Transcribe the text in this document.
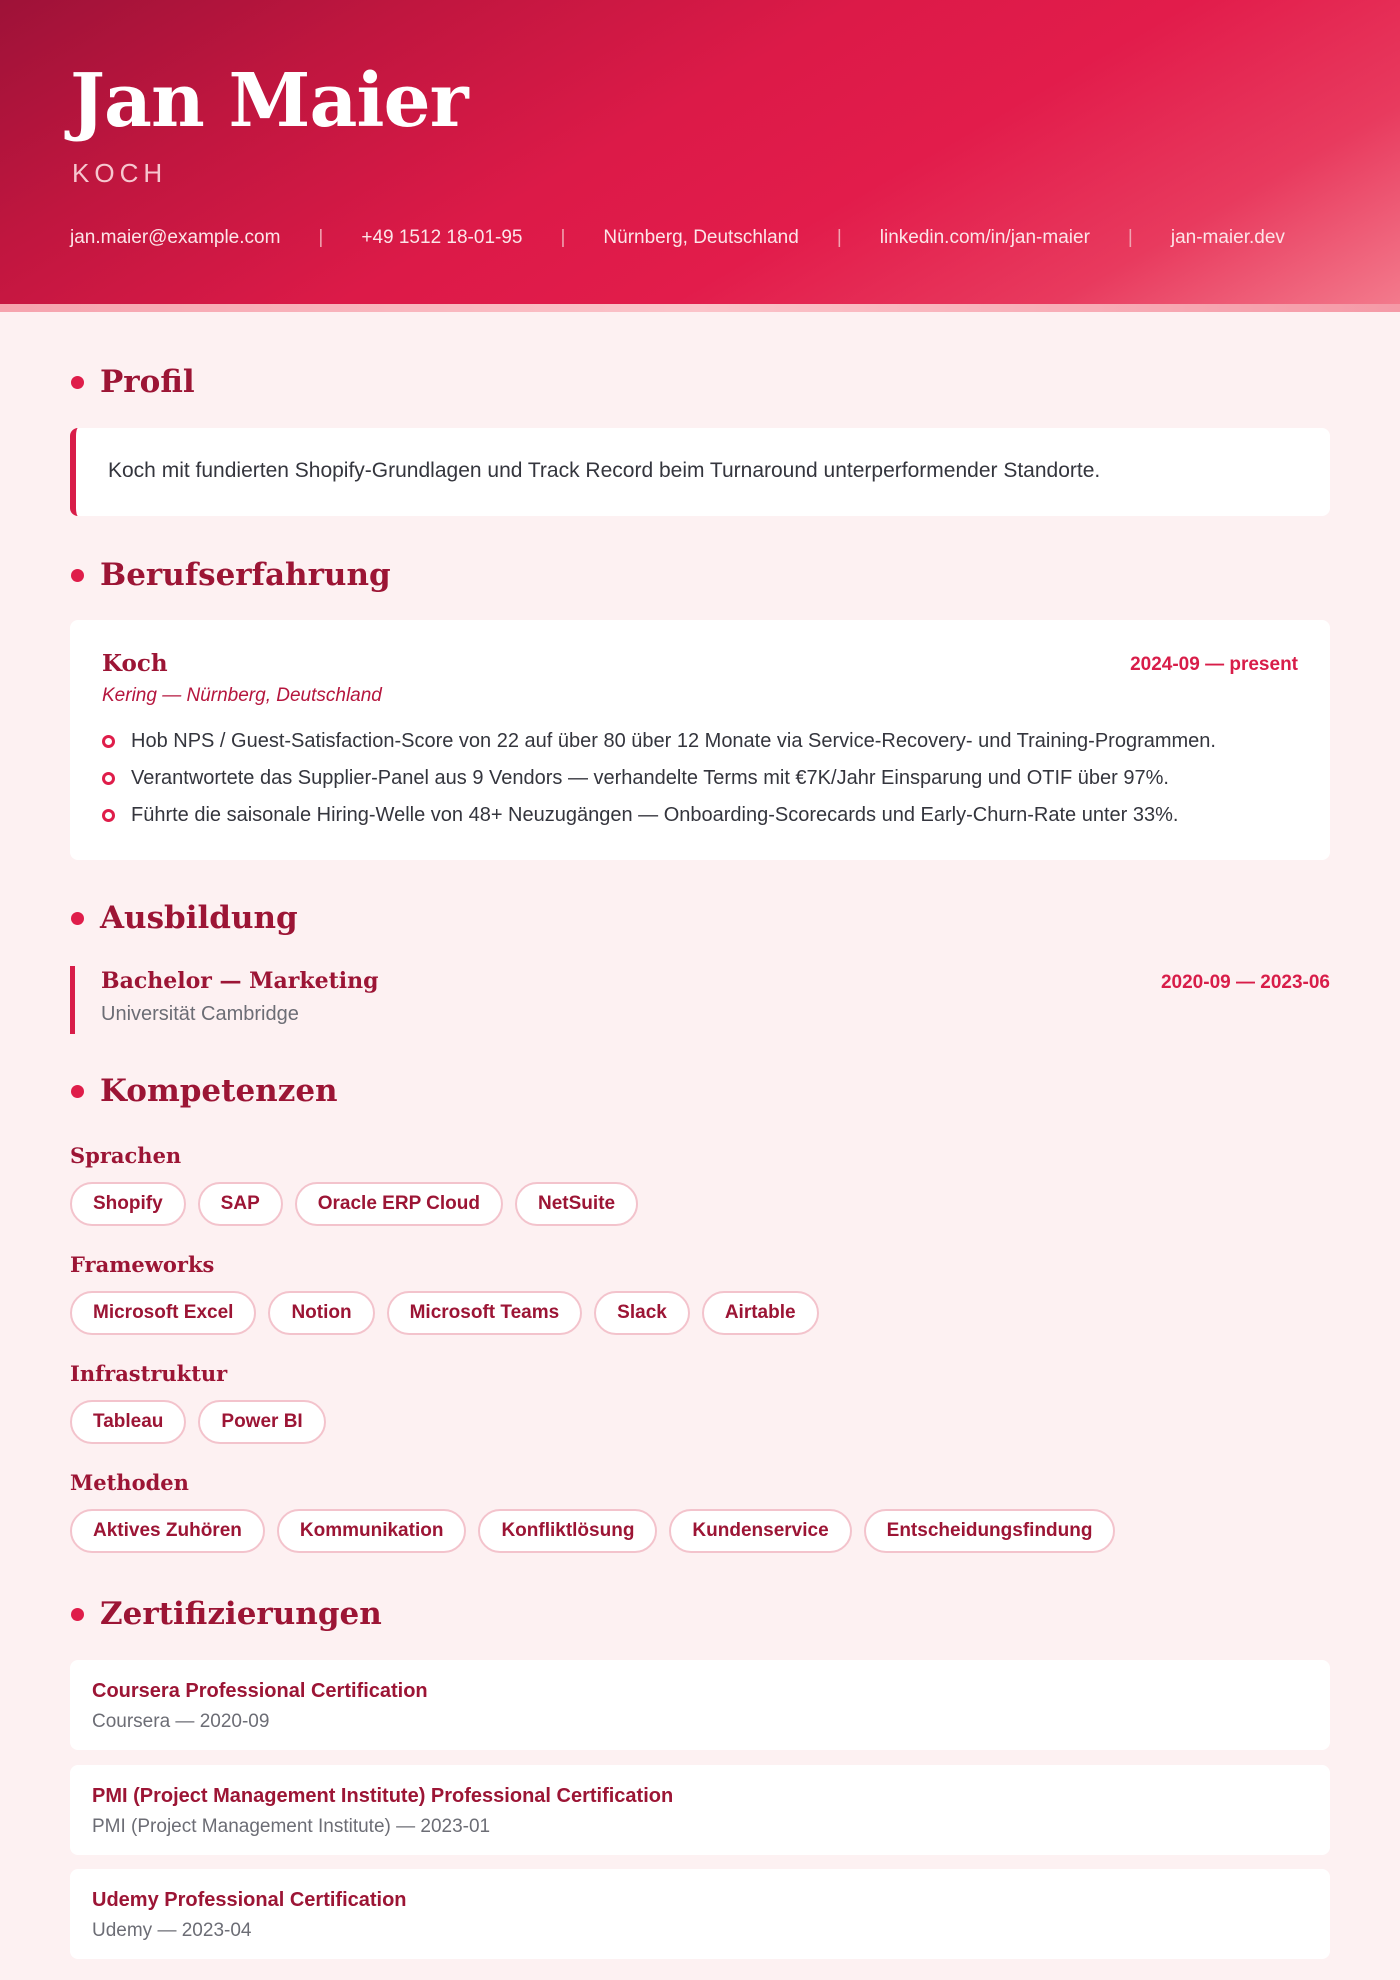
Jan Maier
KOCH
jan.maier@example.com | +49 1512 18-01-95 | Nürnberg, Deutschland | linkedin.com/in/jan-maier | jan-maier.dev
Profil

Koch mit fundierten Shopify-Grundlagen und Track Record beim Turnaround unterperformender Standorte.

Berufserfahrung
Koch	2024-09 — present
Kering — Nürnberg, Deutschland
Hob NPS / Guest-Satisfaction-Score von 22 auf über 80 über 12 Monate via Service-Recovery- und Training-Programmen.
Verantwortete das Supplier-Panel aus 9 Vendors — verhandelte Terms mit €7K/Jahr Einsparung und OTIF über 97%.
Führte die saisonale Hiring-Welle von 48+ Neuzugängen — Onboarding-Scorecards und Early-Churn-Rate unter 33%.
Ausbildung
Bachelor — Marketing
Universität Cambridge
2020-09 — 2023-06
Kompetenzen
Sprachen
Shopify	SAP	Oracle ERP Cloud	NetSuite
Frameworks
Microsoft Excel	Notion	Microsoft Teams	Slack	Airtable
Infrastruktur
Tableau	Power BI
Methoden
Aktives Zuhören	Kommunikation	Konfliktlösung	Kundenservice	Entscheidungsfindung
Zertifizierungen
Coursera Professional Certification
Coursera — 2020-09
PMI (Project Management Institute) Professional Certification
PMI (Project Management Institute) — 2023-01
Udemy Professional Certification
Udemy — 2023-04
